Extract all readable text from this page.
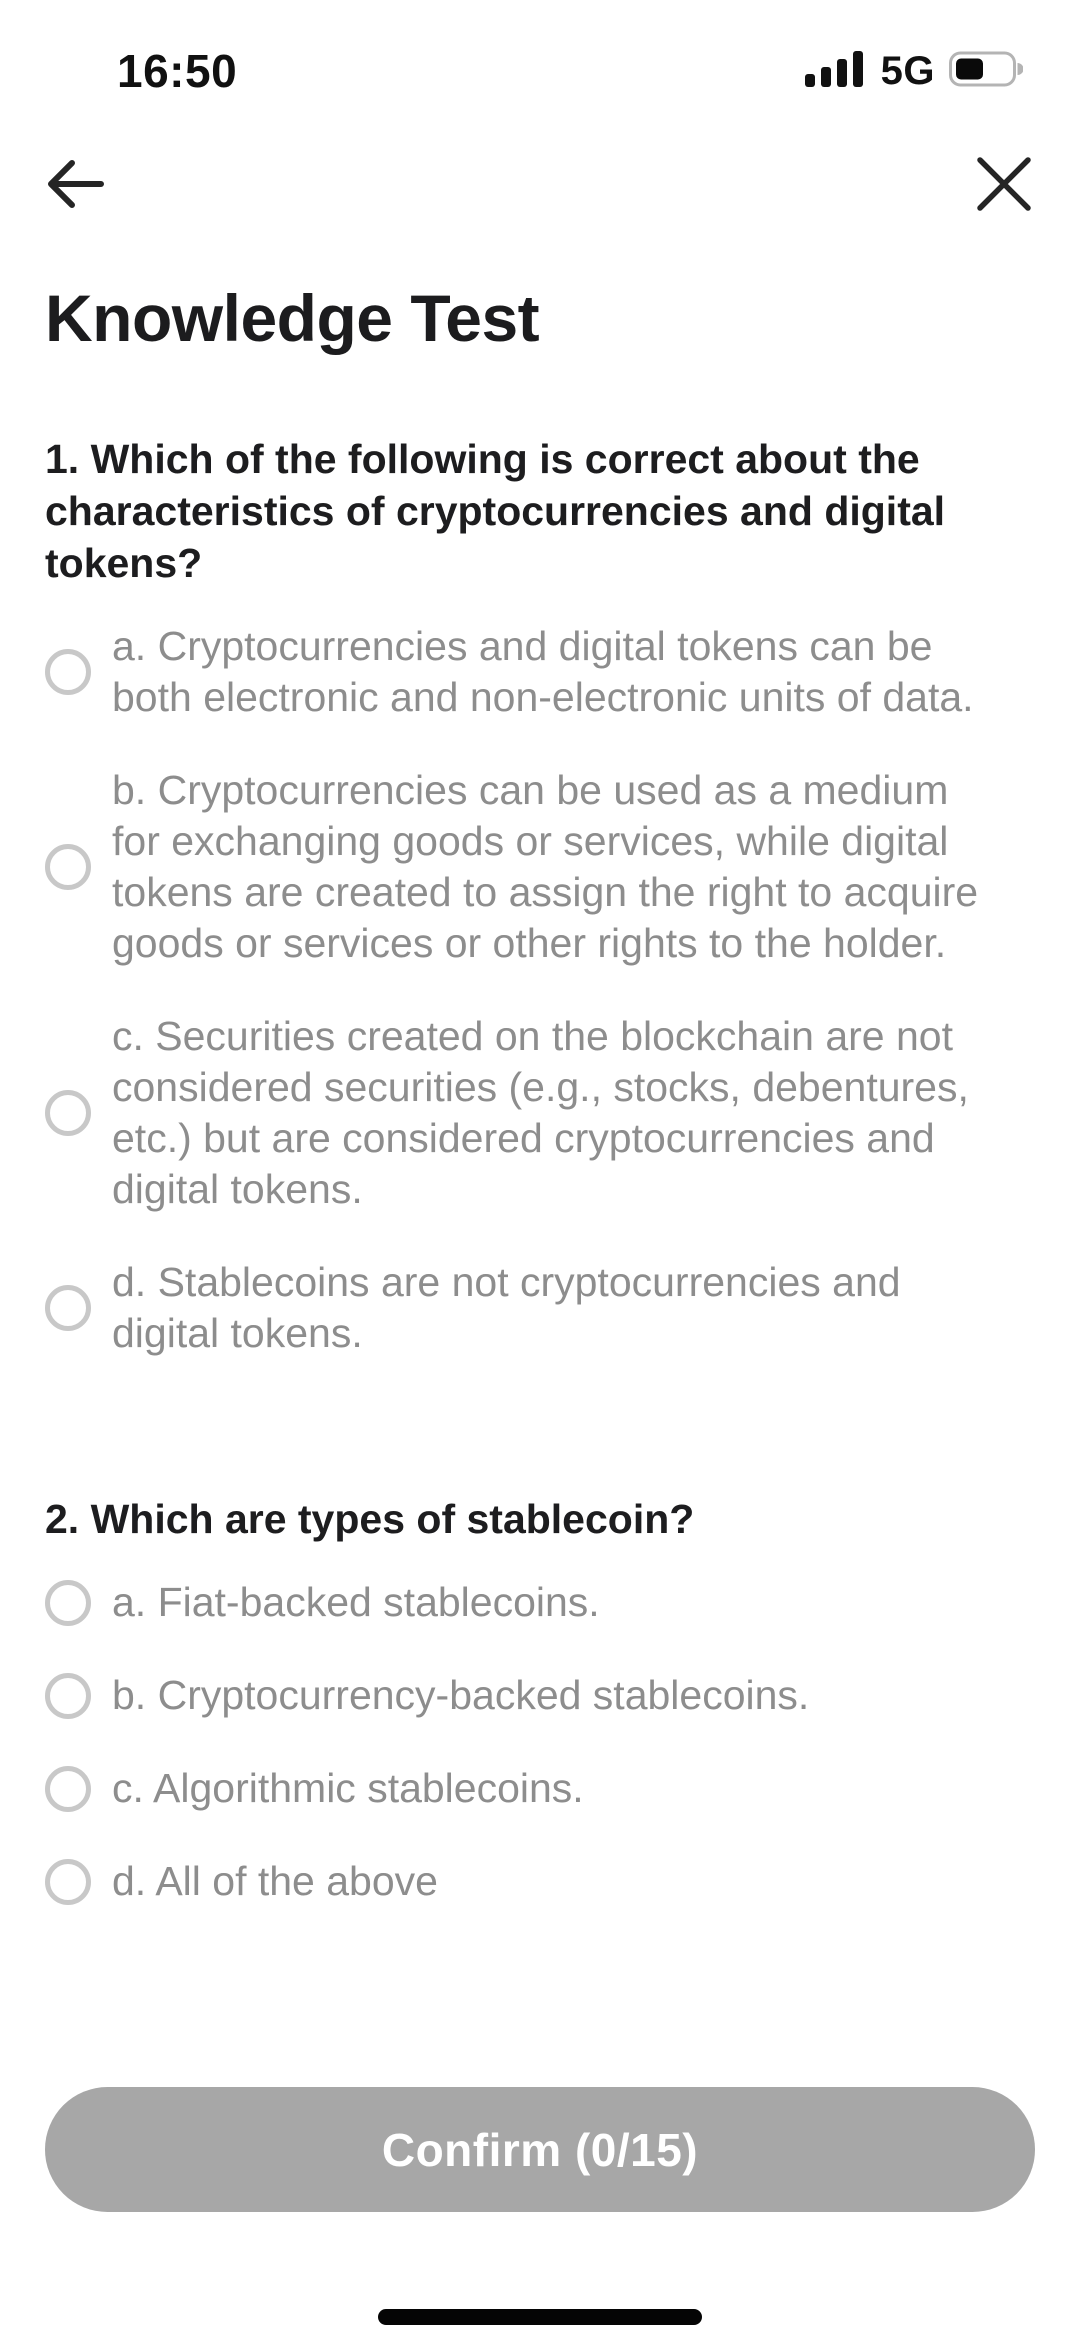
16:50	5G
Knowledge Test
1. Which of the following is correct about the characteristics of cryptocurrencies and digital tokens?
a. Cryptocurrencies and digital tokens can be both electronic and non-electronic units of data.
b. Cryptocurrencies can be used as a medium for exchanging goods or services, while digital tokens are created to assign the right to acquire goods or services or other rights to the holder.
c. Securities created on the blockchain are not considered securities (e.g., stocks, debentures, etc.) but are considered cryptocurrencies and digital tokens.
d. Stablecoins are not cryptocurrencies and digital tokens.
2. Which are types of stablecoin?
a. Fiat-backed stablecoins.
b. Cryptocurrency-backed stablecoins.
c. Algorithmic stablecoins.
d. All of the above
Confirm (0/15)
